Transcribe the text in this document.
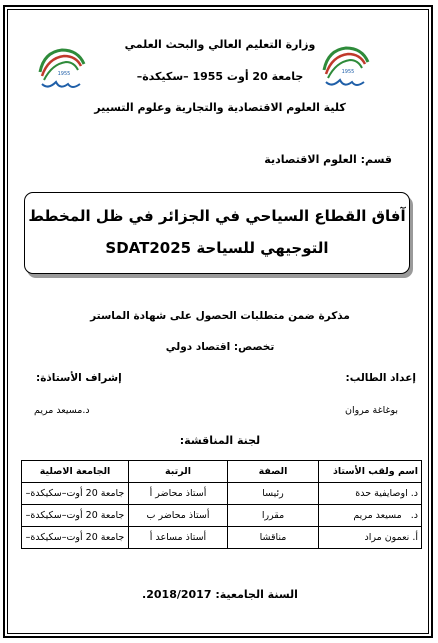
1955	1955
وزارة التعليم العالي والبحث العلمي
جامعة 20 أوت 1955 –سكيكدة–
كلية العلوم الاقتصادية والتجارية وعلوم التسيير
قسم: العلوم الاقتصادية
آفاق القطاع السياحي في الجزائر في ظل المخطط
التوجيهي للسياحة SDAT2025
مذكرة ضمن متطلبات الحصول على شهادة الماستر
تخصص: اقتصاد دولي
إعداد الطالب:
بوغاغة مروان
إشراف الأستاذة:
د.مسيعد مريم
لجنة المناقشة:
اسم ولقب الأستاذ	الصفة	الرتبة	الجامعة الاصلية
د. اوصايفية حدة	رئيسا	أستاذ محاضر أ	جامعة 20 أوت–سكيكدة–
د.   مسيعد مريم	مقررا	أستاذ محاضر ب	جامعة 20 أوت–سكيكدة–
أ. نعمون مراد	مناقشا	أستاذ مساعد أ	جامعة 20 أوت–سكيكدة–
السنة الجامعية: 2018/2017.
